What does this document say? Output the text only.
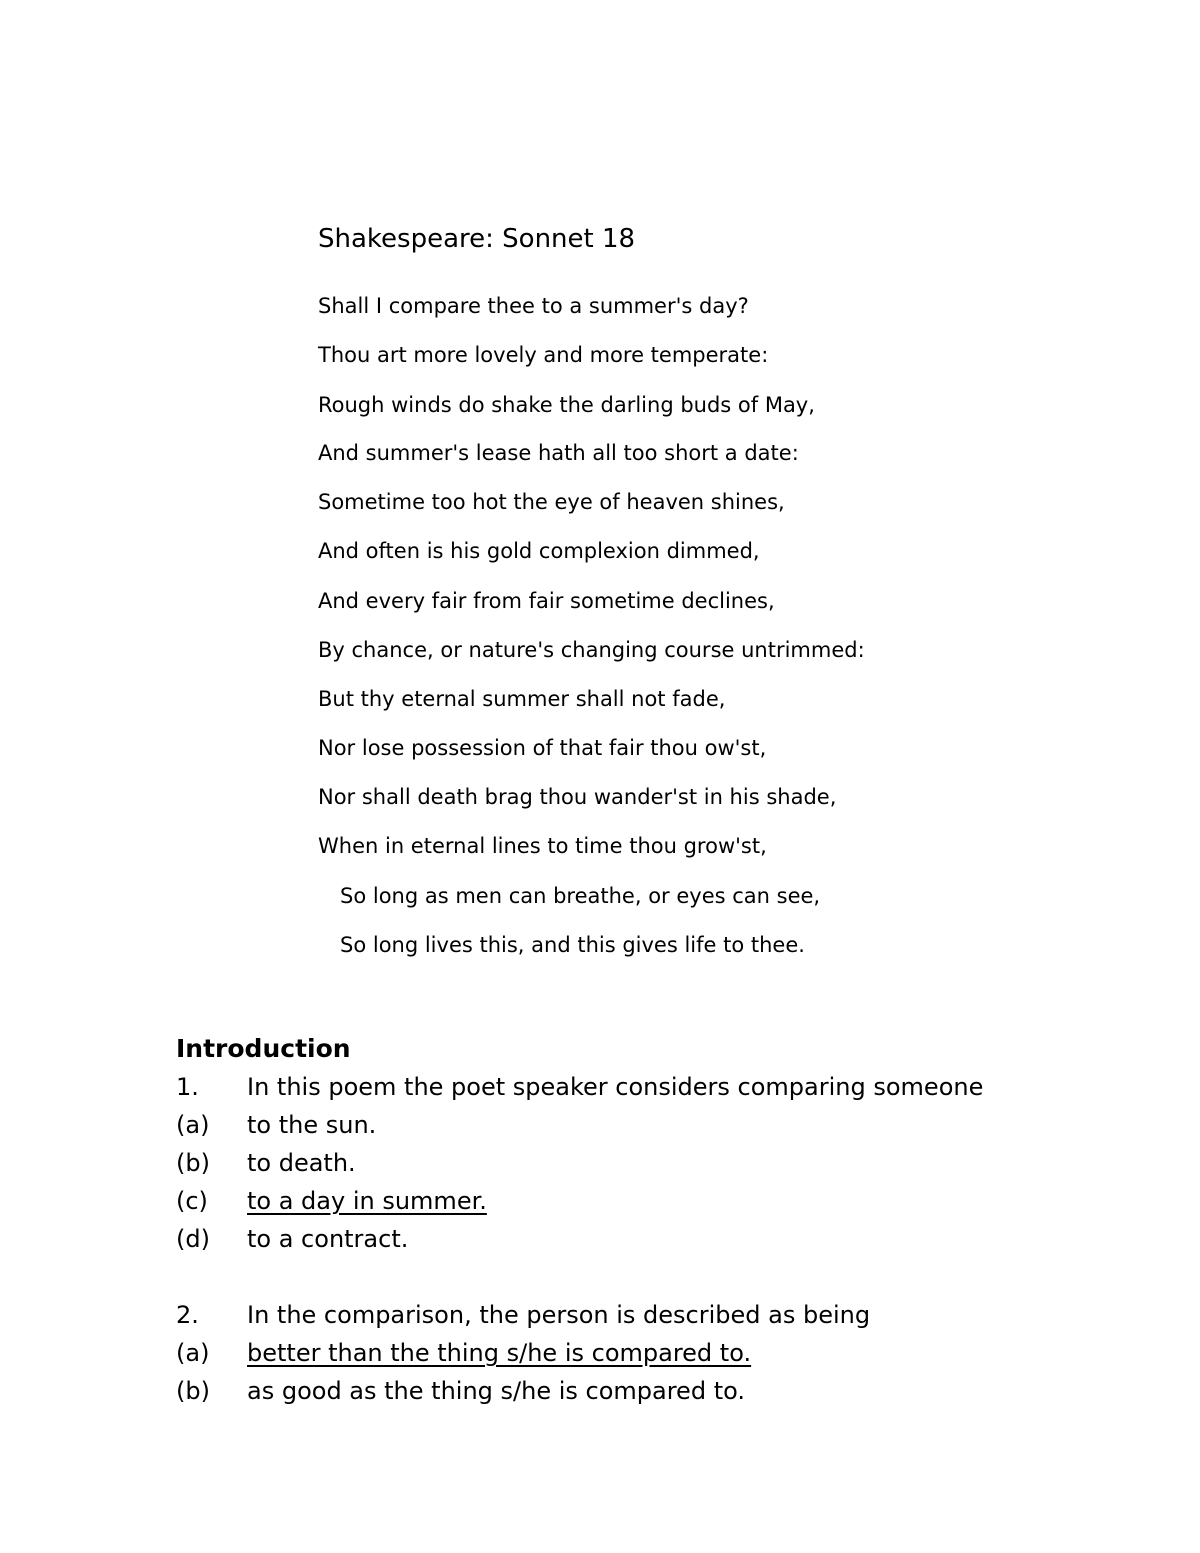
Shakespeare: Sonnet 18
Shall I compare thee to a summer's day?
Thou art more lovely and more temperate:
Rough winds do shake the darling buds of May,
And summer's lease hath all too short a date:
Sometime too hot the eye of heaven shines,
And often is his gold complexion dimmed,
And every fair from fair sometime declines,
By chance, or nature's changing course untrimmed:
But thy eternal summer shall not fade,
Nor lose possession of that fair thou ow'st,
Nor shall death brag thou wander'st in his shade,
When in eternal lines to time thou grow'st,
So long as men can breathe, or eyes can see,
So long lives this, and this gives life to thee.
Introduction
1. In this poem the poet speaker considers comparing someone
(a) to the sun.
(b) to death.
(c) to a day in summer.
(d) to a contract.
2. In the comparison, the person is described as being
(a) better than the thing s/he is compared to.
(b) as good as the thing s/he is compared to.
